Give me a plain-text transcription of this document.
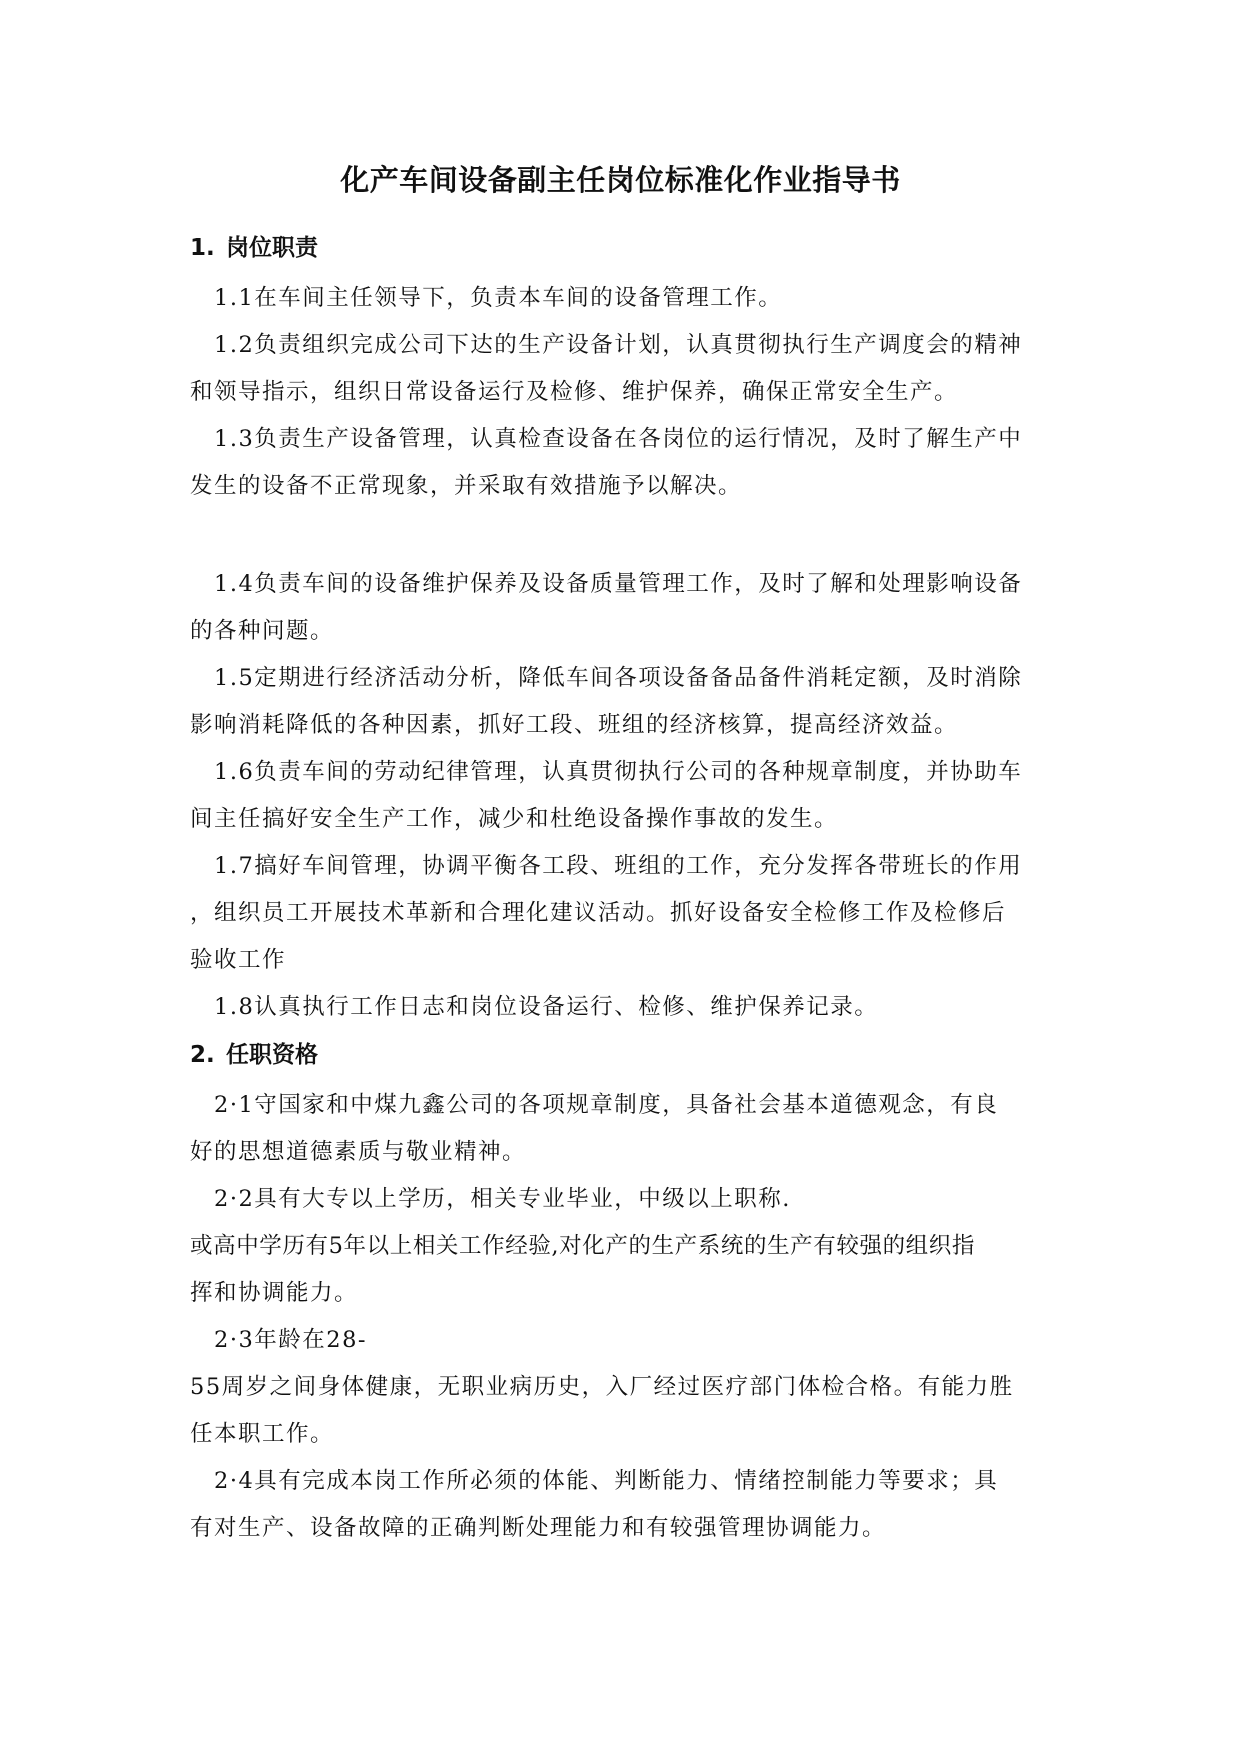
化产车间设备副主任岗位标准化作业指导书
1. 岗位职责

1.1在车间主任领导下，负责本车间的设备管理工作。

1.2负责组织完成公司下达的生产设备计划，认真贯彻执行生产调度会的精神

和领导指示，组织日常设备运行及检修、维护保养，确保正常安全生产。

1.3负责生产设备管理，认真检查设备在各岗位的运行情况，及时了解生产中

发生的设备不正常现象，并采取有效措施予以解决。

1.4负责车间的设备维护保养及设备质量管理工作，及时了解和处理影响设备

的各种问题。

1.5定期进行经济活动分析，降低车间各项设备备品备件消耗定额，及时消除

影响消耗降低的各种因素，抓好工段、班组的经济核算，提高经济效益。

1.6负责车间的劳动纪律管理，认真贯彻执行公司的各种规章制度，并协助车

间主任搞好安全生产工作，减少和杜绝设备操作事故的发生。

1.7搞好车间管理，协调平衡各工段、班组的工作，充分发挥各带班长的作用

，组织员工开展技术革新和合理化建议活动。抓好设备安全检修工作及检修后

验收工作

1.8认真执行工作日志和岗位设备运行、检修、维护保养记录。

2. 任职资格

2·1守国家和中煤九鑫公司的各项规章制度，具备社会基本道德观念，有良

好的思想道德素质与敬业精神。

2·2具有大专以上学历，相关专业毕业，中级以上职称.

或高中学历有5年以上相关工作经验,对化产的生产系统的生产有较强的组织指

挥和协调能力。

2·3年龄在28-

55周岁之间身体健康，无职业病历史，入厂经过医疗部门体检合格。有能力胜

任本职工作。

2·4具有完成本岗工作所必须的体能、判断能力、情绪控制能力等要求；具

有对生产、设备故障的正确判断处理能力和有较强管理协调能力。
